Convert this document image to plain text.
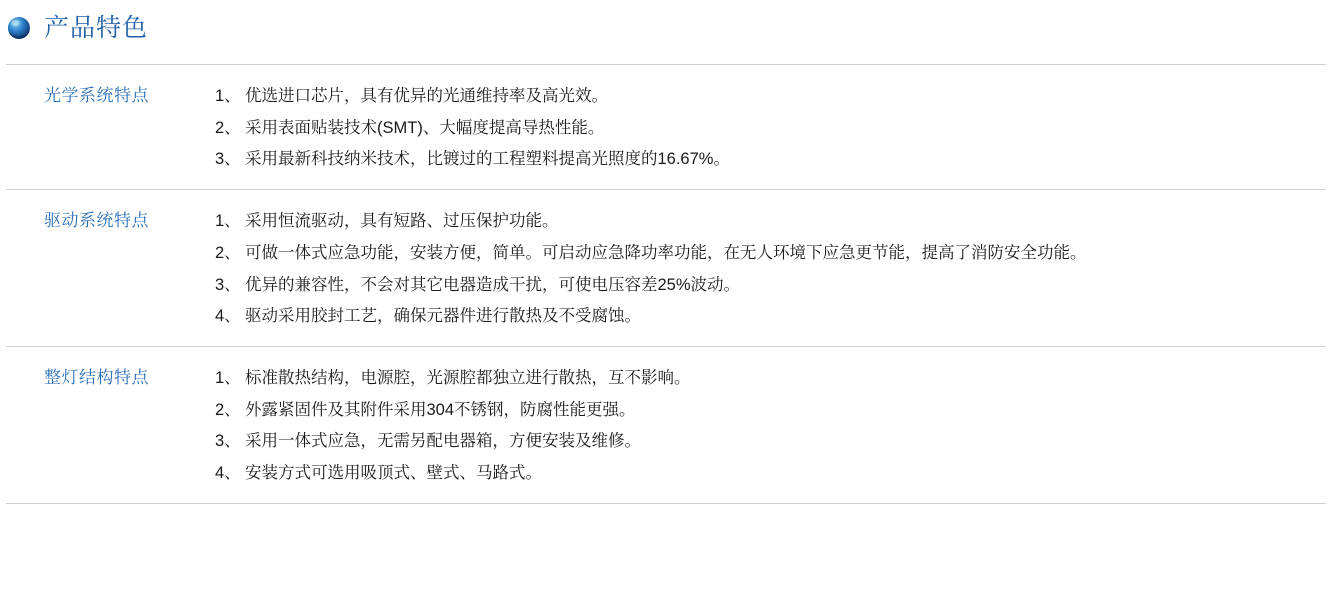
产品特色
光学系统特点	1、 优选进口芯片，具有优异的光通维持率及高光效。
2、 采用表面贴装技术(SMT)、大幅度提高导热性能。
3、 采用最新科技纳米技术，比镀过的工程塑料提高光照度的16.67%。
驱动系统特点	1、 采用恒流驱动，具有短路、过压保护功能。
2、 可做一体式应急功能，安装方便，简单。可启动应急降功率功能，在无人环境下应急更节能，提高了消防安全功能。
3、 优异的兼容性，不会对其它电器造成干扰，可使电压容差25%波动。
4、 驱动采用胶封工艺，确保元器件进行散热及不受腐蚀。
整灯结构特点	1、 标准散热结构，电源腔，光源腔都独立进行散热，互不影响。
2、 外露紧固件及其附件采用304不锈钢，防腐性能更强。
3、 采用一体式应急，无需另配电器箱，方便安装及维修。
4、 安装方式可选用吸顶式、壁式、马路式。
